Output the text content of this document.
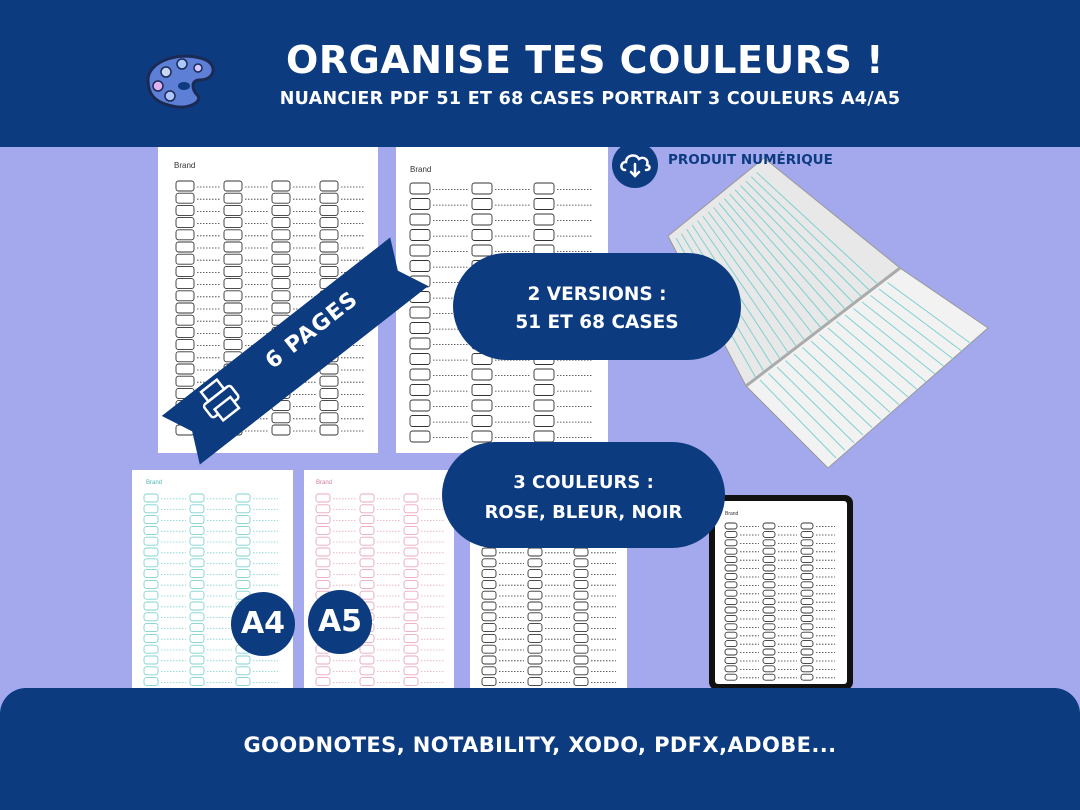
ORGANISE TES COULEURS !
NUANCIER PDF 51 ET 68 CASES PORTRAIT 3 COULEURS A4/A5
Brand	Brand
Brand	Brand
Brand
PRODUIT NUMÉRIQUE
6 PAGES	2 VERSIONS :
51 ET 68 CASES
3 COULEURS :
ROSE, BLEUR, NOIR
A4	A5
GOODNOTES, NOTABILITY, XODO, PDFX,ADOBE...
